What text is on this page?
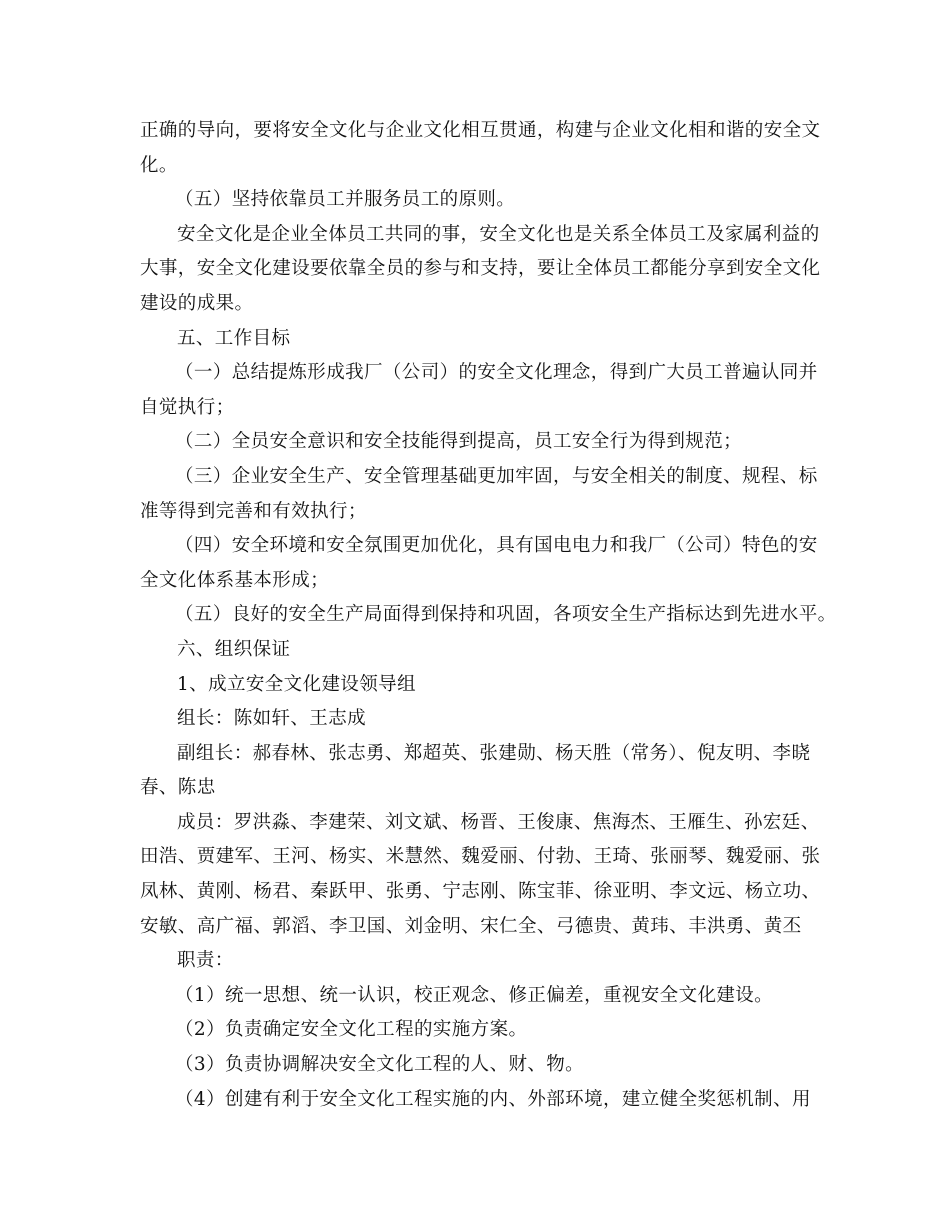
正确的导向，要将安全文化与企业文化相互贯通，构建与企业文化相和谐的安全文

化。

（五）坚持依靠员工并服务员工的原则。

安全文化是企业全体员工共同的事，安全文化也是关系全体员工及家属利益的

大事，安全文化建设要依靠全员的参与和支持，要让全体员工都能分享到安全文化

建设的成果。

五、工作目标

（一）总结提炼形成我厂（公司）的安全文化理念，得到广大员工普遍认同并

自觉执行；

（二）全员安全意识和安全技能得到提高，员工安全行为得到规范；

（三）企业安全生产、安全管理基础更加牢固，与安全相关的制度、规程、标

准等得到完善和有效执行；

（四）安全环境和安全氛围更加优化，具有国电电力和我厂（公司）特色的安

全文化体系基本形成；

（五）良好的安全生产局面得到保持和巩固，各项安全生产指标达到先进水平。

六、组织保证

1、成立安全文化建设领导组

组长：陈如轩、王志成

副组长：郝春林、张志勇、郑超英、张建勋、杨天胜（常务）、倪友明、李晓

春、陈忠

成员：罗洪淼、李建荣、刘文斌、杨晋、王俊康、焦海杰、王雁生、孙宏廷、

田浩、贾建军、王河、杨实、米慧然、魏爱丽、付勃、王琦、张丽琴、魏爱丽、张

凤林、黄刚、杨君、秦跃甲、张勇、宁志刚、陈宝菲、徐亚明、李文远、杨立功、

安敏、高广福、郭滔、李卫国、刘金明、宋仁全、弓德贵、黄玮、丰洪勇、黄丕

职责：

（1）统一思想、统一认识，校正观念、修正偏差，重视安全文化建设。

（2）负责确定安全文化工程的实施方案。

（3）负责协调解决安全文化工程的人、财、物。

（4）创建有利于安全文化工程实施的内、外部环境，建立健全奖惩机制、用
